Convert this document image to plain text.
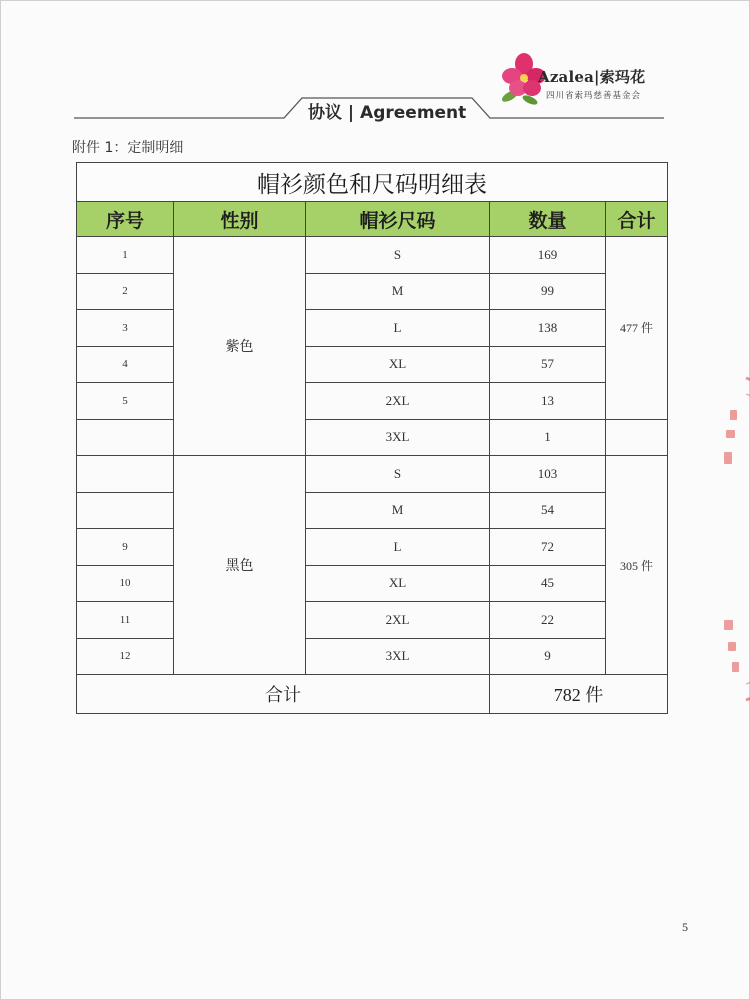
Azalea|索玛花
四川省索玛慈善基金会
协议 | Agreement
附件 1：定制明细
帽衫颜色和尺码明细表				
序号	性别	帽衫尺码	数量	合计
1	紫色	S	169	477 件
2		M	99	
3		L	138	
4		XL	57	
5		2XL	13	
		3XL	1	
	黑色	S	103	305 件
		M	54	
9		L	72	
10		XL	45	
11		2XL	22	
12		3XL	9	
合计			782 件	
5
